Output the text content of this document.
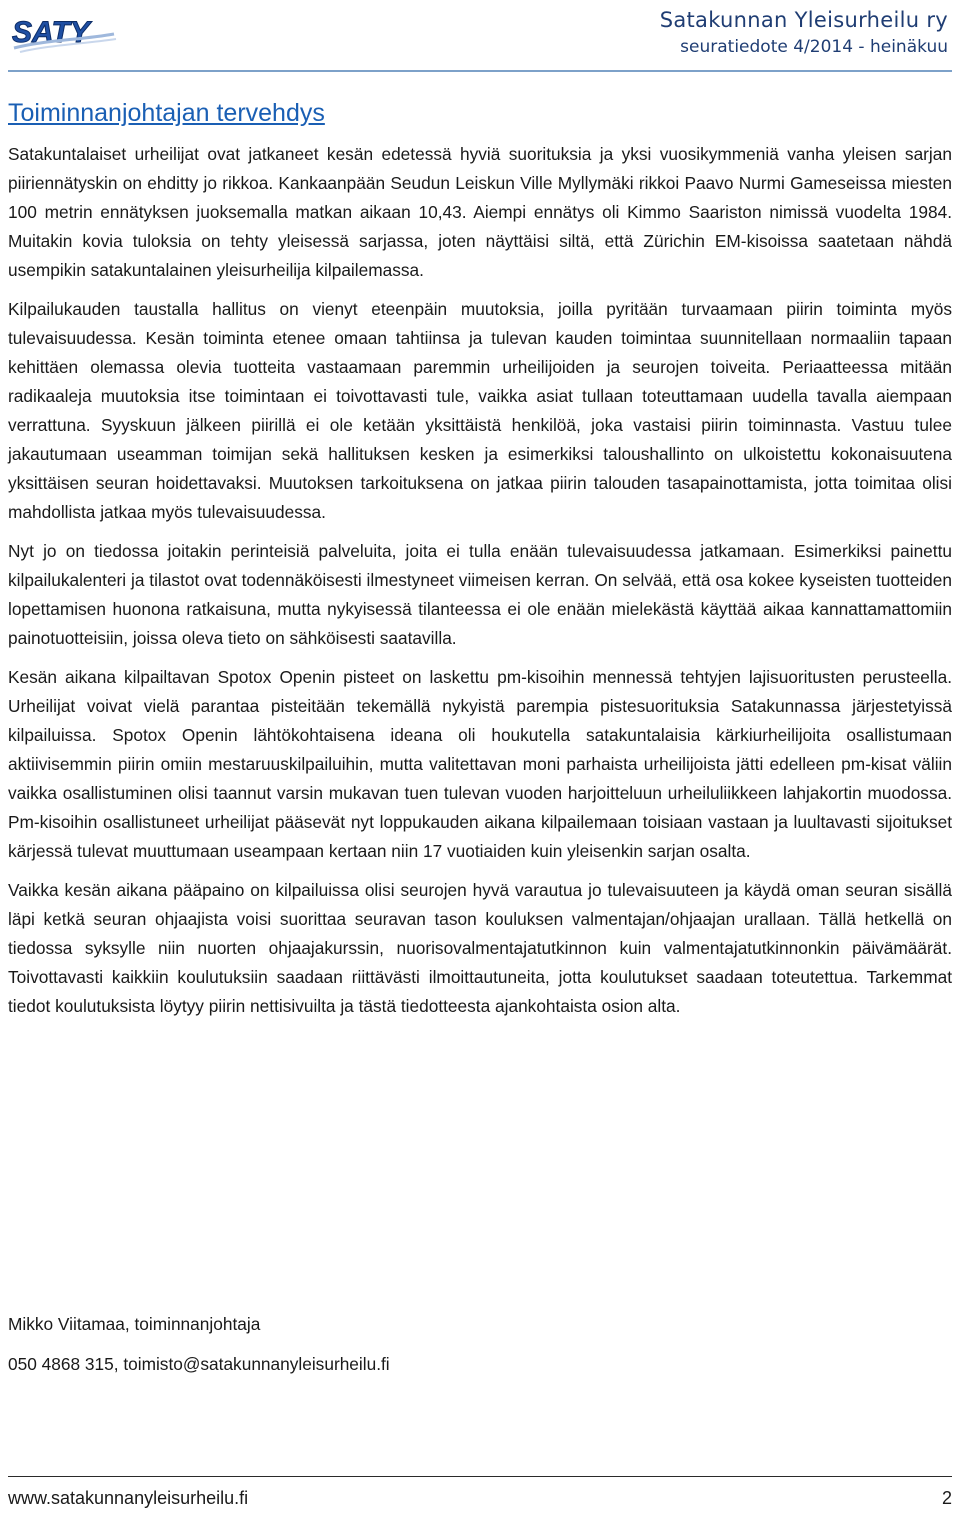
SATY	Satakunnan Yleisurheilu ry
seuratiedote 4/2014 - heinäkuu
Toiminnanjohtajan tervehdys

Satakuntalaiset urheilijat ovat jatkaneet kesän edetessä hyviä suorituksia ja yksi vuosikymmeniä vanha yleisen sarjan piiriennätyskin on ehditty jo rikkoa. Kankaanpään Seudun Leiskun Ville Myllymäki rikkoi Paavo Nurmi Gameseissa miesten 100 metrin ennätyksen juoksemalla matkan aikaan 10,43. Aiempi ennätys oli Kimmo Saariston nimissä vuodelta 1984. Muitakin kovia tuloksia on tehty yleisessä sarjassa, joten näyttäisi siltä, että Zürichin EM-kisoissa saatetaan nähdä usempikin satakuntalainen yleisurheilija kilpailemassa.

Kilpailukauden taustalla hallitus on vienyt eteenpäin muutoksia, joilla pyritään turvaamaan piirin toiminta myös tulevaisuudessa. Kesän toiminta etenee omaan tahtiinsa ja tulevan kauden toimintaa suunnitellaan normaaliin tapaan kehittäen olemassa olevia tuotteita vastaamaan paremmin urheilijoiden ja seurojen toiveita. Periaatteessa mitään radikaaleja muutoksia itse toimintaan ei toivottavasti tule, vaikka asiat tullaan toteuttamaan uudella tavalla aiempaan verrattuna. Syyskuun jälkeen piirillä ei ole ketään yksittäistä henkilöä, joka vastaisi piirin toiminnasta. Vastuu tulee jakautumaan useamman toimijan sekä hallituksen kesken ja esimerkiksi taloushallinto on ulkoistettu kokonaisuutena yksittäisen seuran hoidettavaksi. Muutoksen tarkoituksena on jatkaa piirin talouden tasapainottamista, jotta toimitaa olisi mahdollista jatkaa myös tulevaisuudessa.

Nyt jo on tiedossa joitakin perinteisiä palveluita, joita ei tulla enään tulevaisuudessa jatkamaan. Esimerkiksi painettu kilpailukalenteri ja tilastot ovat todennäköisesti ilmestyneet viimeisen kerran. On selvää, että osa kokee kyseisten tuotteiden lopettamisen huonona ratkaisuna, mutta nykyisessä tilanteessa ei ole enään mielekästä käyttää aikaa kannattamattomiin painotuotteisiin, joissa oleva tieto on sähköisesti saatavilla.

Kesän aikana kilpailtavan Spotox Openin pisteet on laskettu pm-kisoihin mennessä tehtyjen lajisuoritusten perusteella. Urheilijat voivat vielä parantaa pisteitään tekemällä nykyistä parempia pistesuorituksia Satakunnassa järjestetyissä kilpailuissa. Spotox Openin lähtökohtaisena ideana oli houkutella satakuntalaisia kärkiurheilijoita osallistumaan aktiivisemmin piirin omiin mestaruuskilpailuihin, mutta valitettavan moni parhaista urheilijoista jätti edelleen pm-kisat väliin vaikka osallistuminen olisi taannut varsin mukavan tuen tulevan vuoden harjoitteluun urheiluliikkeen lahjakortin muodossa. Pm-kisoihin osallistuneet urheilijat pääsevät nyt loppukauden aikana kilpailemaan toisiaan vastaan ja luultavasti sijoitukset kärjessä tulevat muuttumaan useampaan kertaan niin 17 vuotiaiden kuin yleisenkin sarjan osalta.

Vaikka kesän aikana pääpaino on kilpailuissa olisi seurojen hyvä varautua jo tulevaisuuteen ja käydä oman seuran sisällä läpi ketkä seuran ohjaajista voisi suorittaa seuravan tason kouluksen valmentajan/ohjaajan urallaan. Tällä hetkellä on tiedossa syksylle niin nuorten ohjaajakurssin, nuorisovalmentajatutkinnon kuin valmentajatutkinnonkin päivämäärät. Toivottavasti kaikkiin koulutuksiin saadaan riittävästi ilmoittautuneita, jotta koulutukset saadaan toteutettua. Tarkemmat tiedot koulutuksista löytyy piirin nettisivuilta ja tästä tiedotteesta ajankohtaista osion alta.

Mikko Viitamaa, toiminnanjohtaja

050 4868 315, toimisto@satakunnanyleisurheilu.fi

www.satakunnanyleisurheilu.fi	2
